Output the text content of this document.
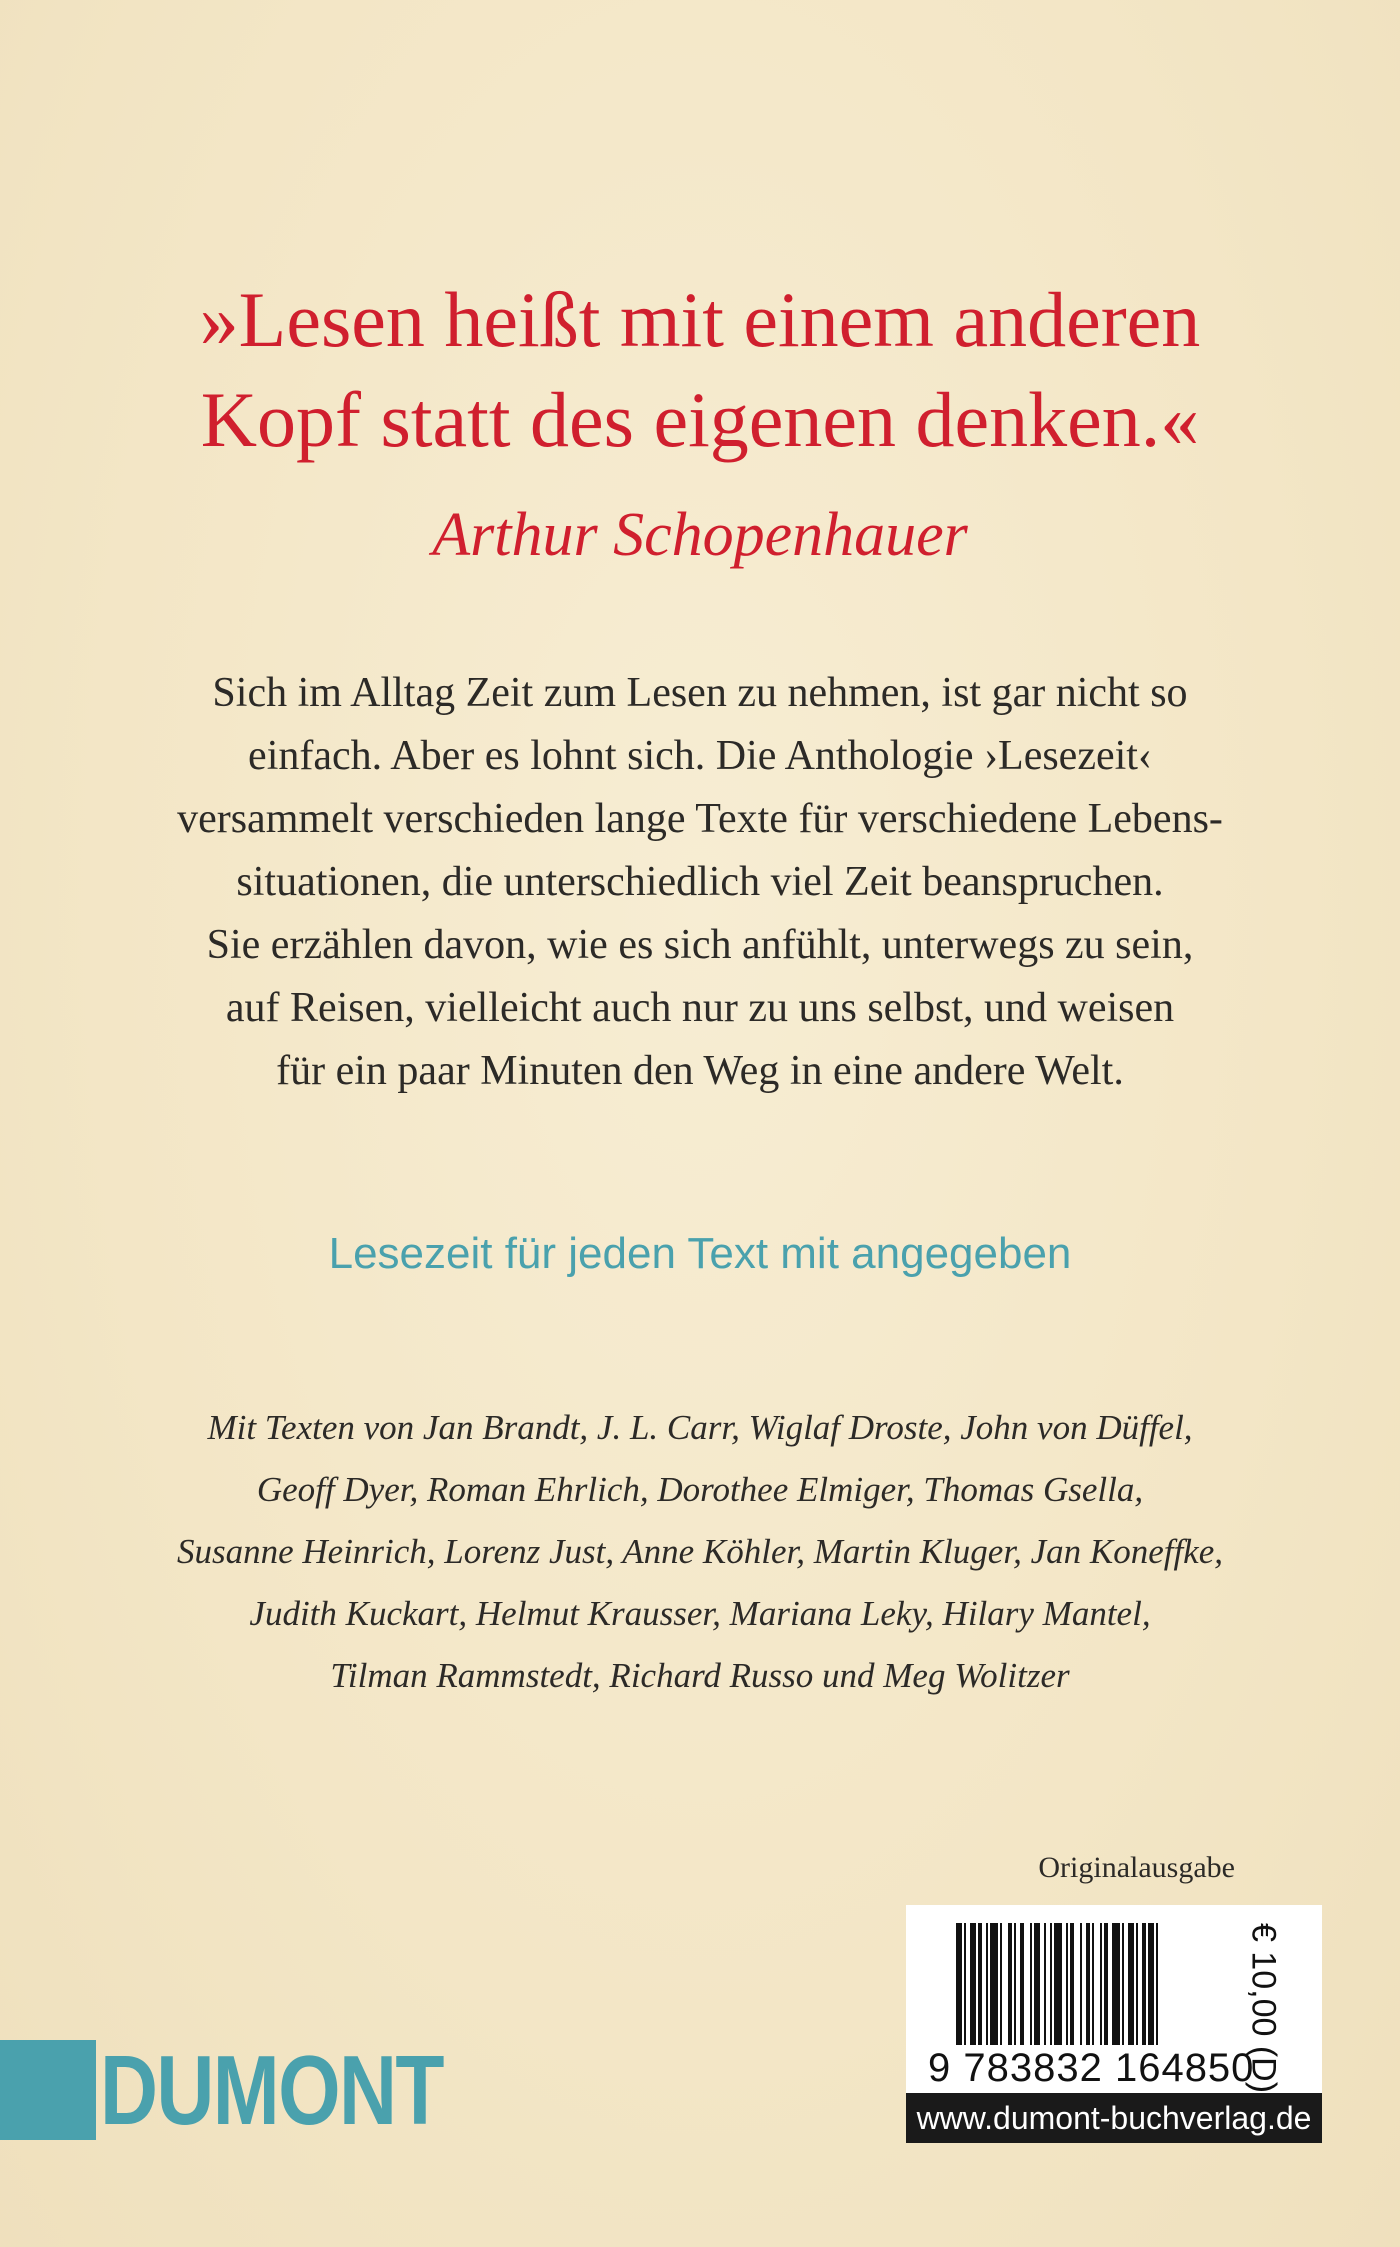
»Lesen heißt mit einem anderen
Kopf statt des eigenen denken.«
Arthur Schopenhauer
Sich im Alltag Zeit zum Lesen zu nehmen, ist gar nicht so
einfach. Aber es lohnt sich. Die Anthologie ›Lesezeit‹
versammelt verschieden lange Texte für verschiedene Lebens-
situationen, die unterschiedlich viel Zeit beanspruchen.
Sie erzählen davon, wie es sich anfühlt, unterwegs zu sein,
auf Reisen, vielleicht auch nur zu uns selbst, und weisen
für ein paar Minuten den Weg in eine andere Welt.
Lesezeit für jeden Text mit angegeben
Mit Texten von Jan Brandt, J. L. Carr, Wiglaf Droste, John von Düffel,
Geoff Dyer, Roman Ehrlich, Dorothee Elmiger, Thomas Gsella,
Susanne Heinrich, Lorenz Just, Anne Köhler, Martin Kluger, Jan Koneffke,
Judith Kuckart, Helmut Krausser, Mariana Leky, Hilary Mantel,
Tilman Rammstedt, Richard Russo und Meg Wolitzer
Originalausgabe
DUMONT	9 783832 164850
€ 10,00 (D)
www.dumont-buchverlag.de
